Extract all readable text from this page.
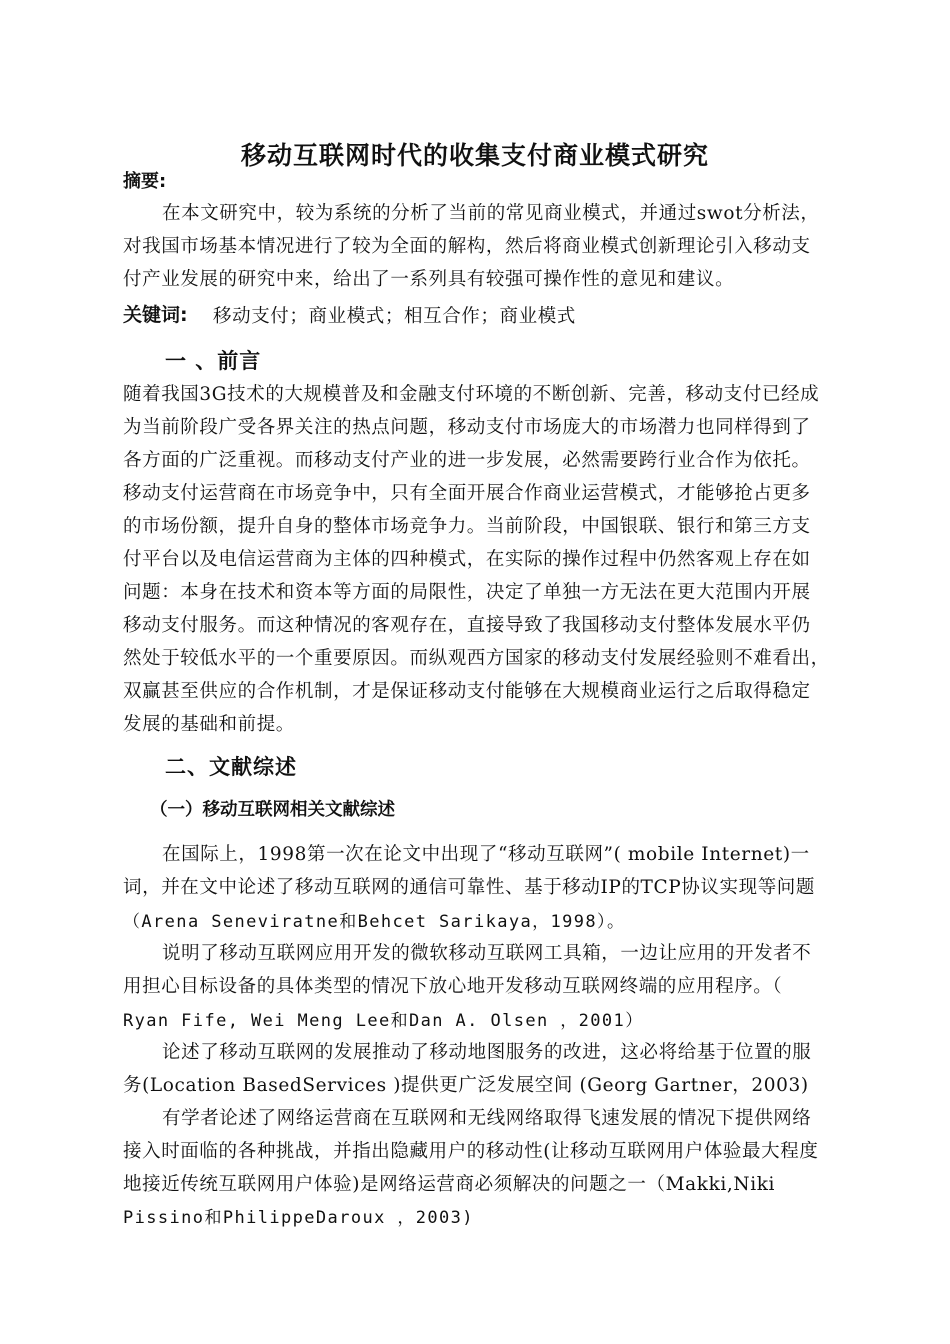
移动互联网时代的收集支付商业模式研究
摘要:
在本文研究中，较为系统的分析了当前的常见商业模式，并通过swot分析法，
对我国市场基本情况进行了较为全面的解构，然后将商业模式创新理论引入移动支
付产业发展的研究中来，给出了一系列具有较强可操作性的意见和建议。
关键词: 移动支付；商业模式；相互合作；商业模式
一 、前言
随着我国3G技术的大规模普及和金融支付环境的不断创新、完善，移动支付已经成
为当前阶段广受各界关注的热点问题，移动支付市场庞大的市场潜力也同样得到了
各方面的广泛重视。而移动支付产业的进一步发展，必然需要跨行业合作为依托。
移动支付运营商在市场竞争中，只有全面开展合作商业运营模式，才能够抢占更多
的市场份额，提升自身的整体市场竞争力。当前阶段，中国银联、银行和第三方支
付平台以及电信运营商为主体的四种模式，在实际的操作过程中仍然客观上存在如
问题：本身在技术和资本等方面的局限性，决定了单独一方无法在更大范围内开展
移动支付服务。而这种情况的客观存在，直接导致了我国移动支付整体发展水平仍
然处于较低水平的一个重要原因。而纵观西方国家的移动支付发展经验则不难看出，
双赢甚至供应的合作机制，才是保证移动支付能够在大规模商业运行之后取得稳定
发展的基础和前提。
二、文献综述
（一）移动互联网相关文献综述
在国际上，1998第一次在论文中出现了“移动互联网”( mobile Internet)一
词，并在文中论述了移动互联网的通信可靠性、基于移动IP的TCP协议实现等问题
（Arena Seneviratne和Behcet Sarikaya，1998）。
说明了移动互联网应用开发的微软移动互联网工具箱，一边让应用的开发者不
用担心目标设备的具体类型的情况下放心地开发移动互联网终端的应用程序。（
Ryan Fife, Wei Meng Lee和Dan A. Olsen ，2001）
论述了移动互联网的发展推动了移动地图服务的改进，这必将给基于位置的服
务(Location BasedServices )提供更广泛发展空间 (Georg Gartner，2003)
有学者论述了网络运营商在互联网和无线网络取得飞速发展的情况下提供网络
接入时面临的各种挑战，并指出隐藏用户的移动性(让移动互联网用户体验最大程度
地接近传统互联网用户体验)是网络运营商必须解决的问题之一（Makki,Niki
Pissino和PhilippeDaroux ，2003)
